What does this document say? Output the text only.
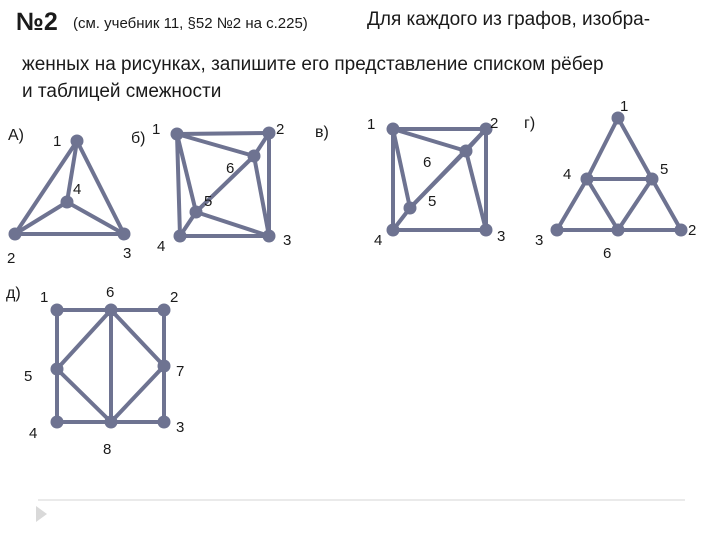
№2 (см. учебник 11, §52 №2 на с.225)	Для каждого из графов, изобра-
женных на рисунках, запишите его представление списком рёбер
и таблицей смежности
1
2	3
4
А)	1	2
3
4
5
6
б)
1	2
3
4
5
6
в)
1
2
3
4	5
6
г)
1	2
3
4
5
6
7
8
д)
